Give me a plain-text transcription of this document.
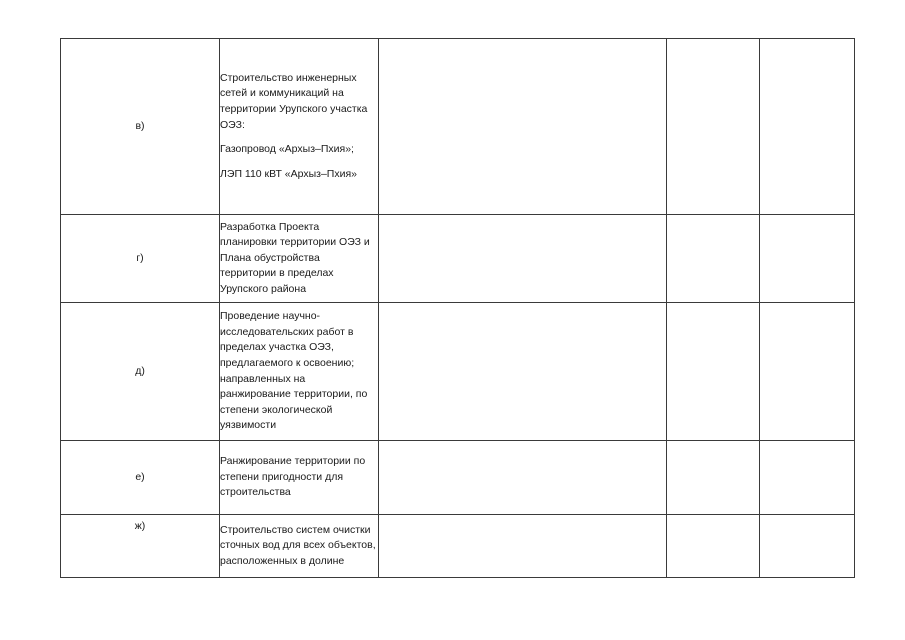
в)	Строительство инженерных сетей и коммуникаций на территории Урупского участка ОЭЗ:

Газопровод «Архыз–Пхия»;

ЛЭП 110 кВТ «Архыз–Пхия»			

г)	Разработка Проекта планировки территории ОЭЗ и Плана обустройства территории в пределах Урупского района			

д)	Проведение научно-исследовательских работ в пределах участка ОЭЗ, предлагаемого к освоению; направленных на ранжирование территории, по степени экологической уязвимости			

е)	Ранжирование территории по степени пригодности для строительства			

ж)	Строительство систем очистки сточных вод для всех объектов, расположенных в долине			
